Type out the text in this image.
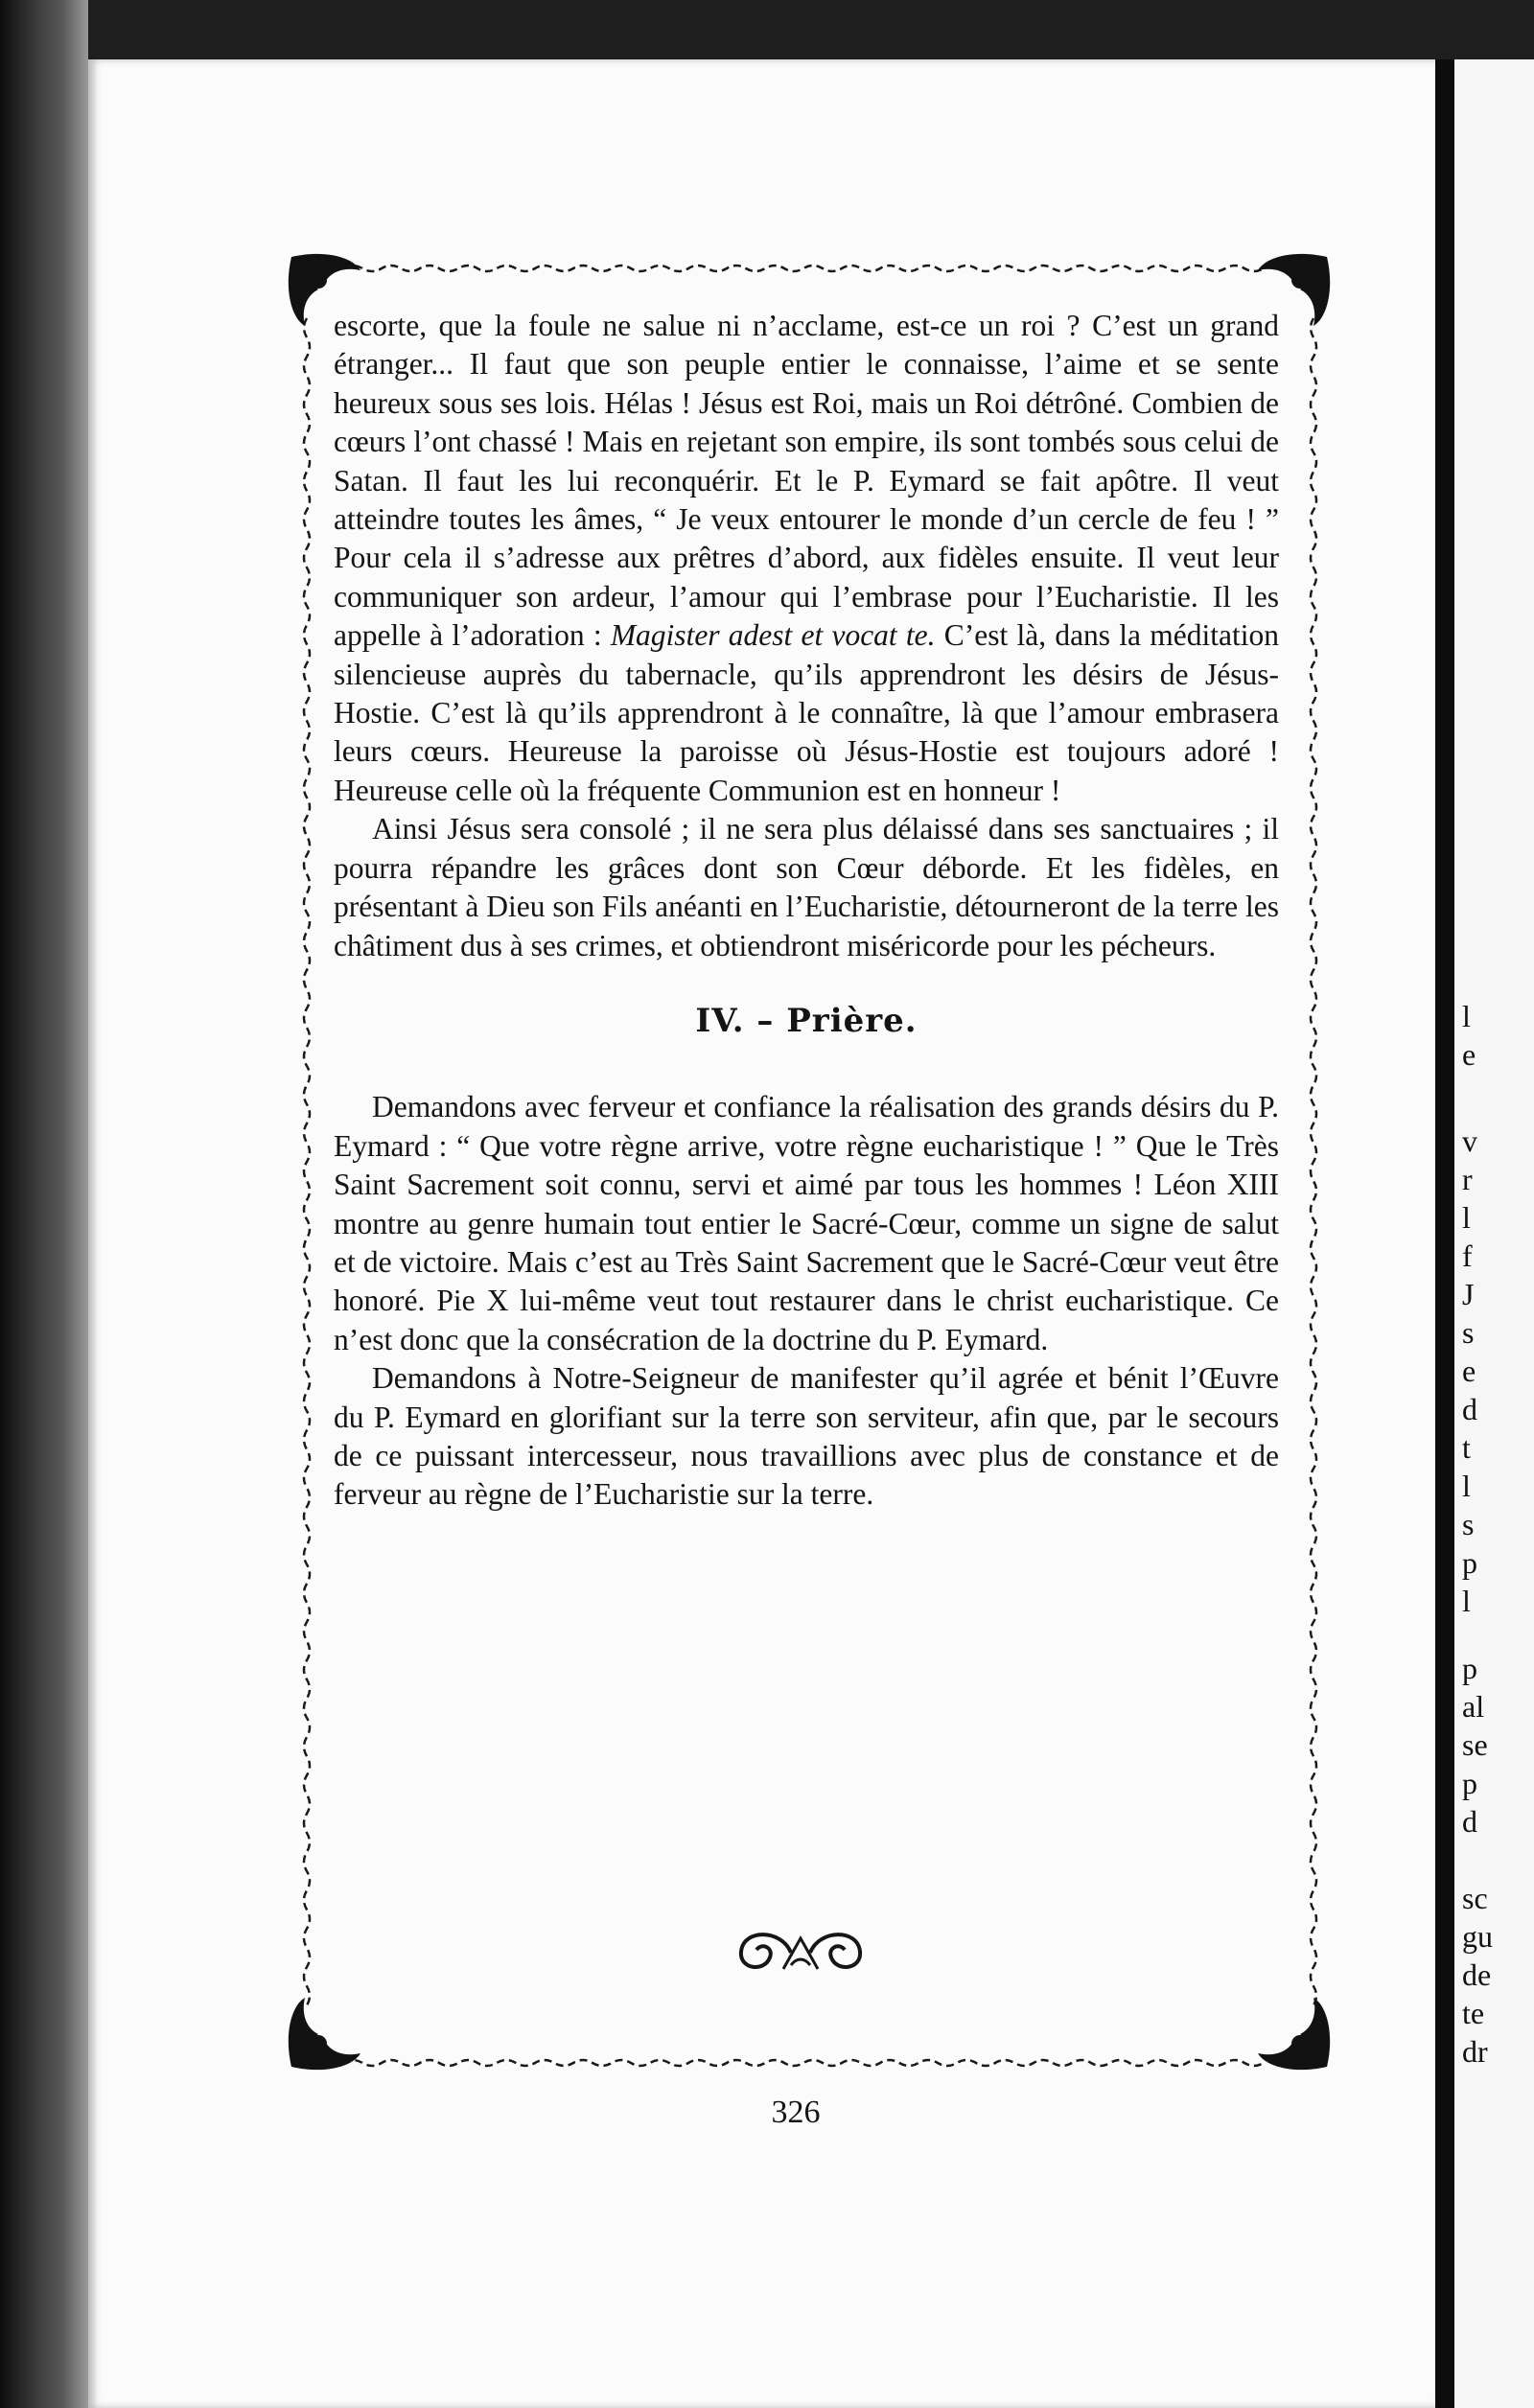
escorte, que la foule ne salue ni n’acclame, est-ce un roi ? C’est un grand étranger... Il faut que son peuple entier le connaisse, l’aime et se sente heureux sous ses lois. Hélas ! Jésus est Roi, mais un Roi détrôné. Combien de cœurs l’ont chassé ! Mais en rejetant son empire, ils sont tombés sous celui de Satan. Il faut les lui reconquérir. Et le P. Eymard se fait apôtre. Il veut atteindre toutes les âmes, “ Je veux entourer le monde d’un cercle de feu ! ” Pour cela il s’adresse aux prêtres d’abord, aux fidèles ensuite. Il veut leur communiquer son ardeur, l’amour qui l’embrase pour l’Eucharistie. Il les appelle à l’adoration : Magister adest et vocat te. C’est là, dans la méditation silencieuse auprès du tabernacle, qu’ils apprendront les désirs de Jésus-Hostie. C’est là qu’ils apprendront à le connaître, là que l’amour embrasera leurs cœurs. Heureuse la paroisse où Jésus-Hostie est toujours adoré ! Heureuse celle où la fréquente Communion est en honneur !

Ainsi Jésus sera consolé ; il ne sera plus délaissé dans ses sanctuaires ; il pourra répandre les grâces dont son Cœur déborde. Et les fidèles, en présentant à Dieu son Fils anéanti en l’Eucharistie, détourneront de la terre les châtiment dus à ses crimes, et obtiendront miséricorde pour les pécheurs.

IV. – Prière.

Demandons avec ferveur et confiance la réalisation des grands désirs du P. Eymard : “ Que votre règne arrive, votre règne eucharistique ! ” Que le Très Saint Sacrement soit connu, servi et aimé par tous les hommes ! Léon XIII montre au genre humain tout entier le Sacré-Cœur, comme un signe de salut et de victoire. Mais c’est au Très Saint Sacrement que le Sacré-Cœur veut être honoré. Pie X lui-même veut tout restaurer dans le christ eucharistique. Ce n’est donc que la consécration de la doctrine du P. Eymard.

Demandons à Notre-Seigneur de manifester qu’il agrée et bénit l’Œuvre du P. Eymard en glorifiant sur la terre son serviteur, afin que, par le secours de ce puissant intercesseur, nous travaillions avec plus de constance et de ferveur au règne de l’Eucharistie sur la terre.

326
l
e
v
r
l
f
J
s
e
d
t
l
s
p
l
p
al
se
p
d
sc
gu
de
te
dr
